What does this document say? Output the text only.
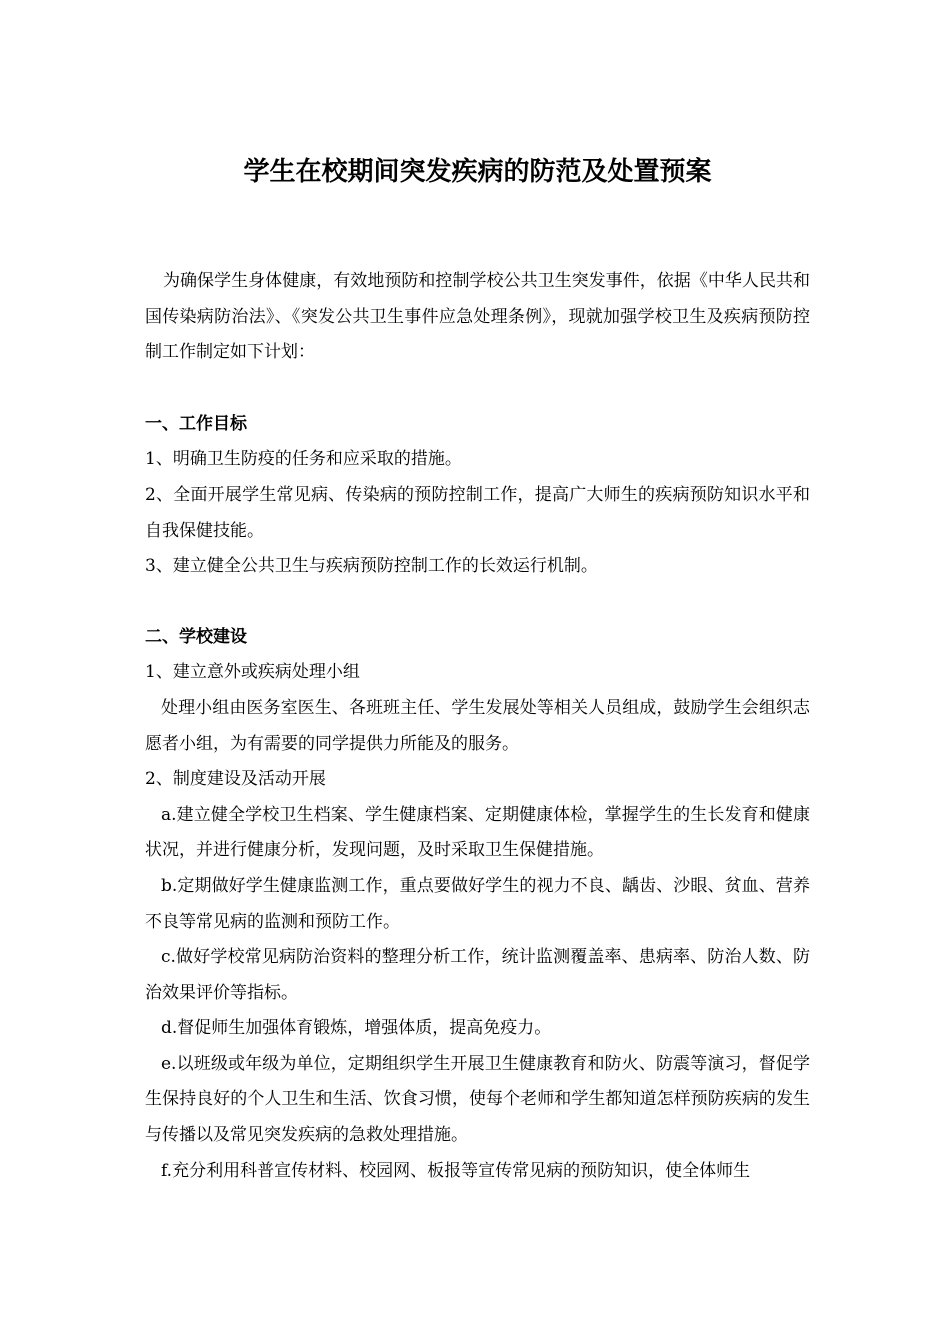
学生在校期间突发疾病的防范及处置预案

为确保学生身体健康，有效地预防和控制学校公共卫生突发事件，依据《中华人民共和国传染病防治法》、《突发公共卫生事件应急处理条例》，现就加强学校卫生及疾病预防控制工作制定如下计划：

一、工作目标

1、明确卫生防疫的任务和应采取的措施。

2、全面开展学生常见病、传染病的预防控制工作，提高广大师生的疾病预防知识水平和自我保健技能。

3、建立健全公共卫生与疾病预防控制工作的长效运行机制。

二、学校建设

1、建立意外或疾病处理小组

处理小组由医务室医生、各班班主任、学生发展处等相关人员组成，鼓励学生会组织志愿者小组，为有需要的同学提供力所能及的服务。

2、制度建设及活动开展

a.建立健全学校卫生档案、学生健康档案、定期健康体检，掌握学生的生长发育和健康状况，并进行健康分析，发现问题，及时采取卫生保健措施。

b.定期做好学生健康监测工作，重点要做好学生的视力不良、龋齿、沙眼、贫血、营养不良等常见病的监测和预防工作。

c.做好学校常见病防治资料的整理分析工作，统计监测覆盖率、患病率、防治人数、防治效果评价等指标。

d.督促师生加强体育锻炼，增强体质，提高免疫力。

e.以班级或年级为单位，定期组织学生开展卫生健康教育和防火、防震等演习，督促学生保持良好的个人卫生和生活、饮食习惯，使每个老师和学生都知道怎样预防疾病的发生与传播以及常见突发疾病的急救处理措施。

f.充分利用科普宣传材料、校园网、板报等宣传常见病的预防知识，使全体师生
